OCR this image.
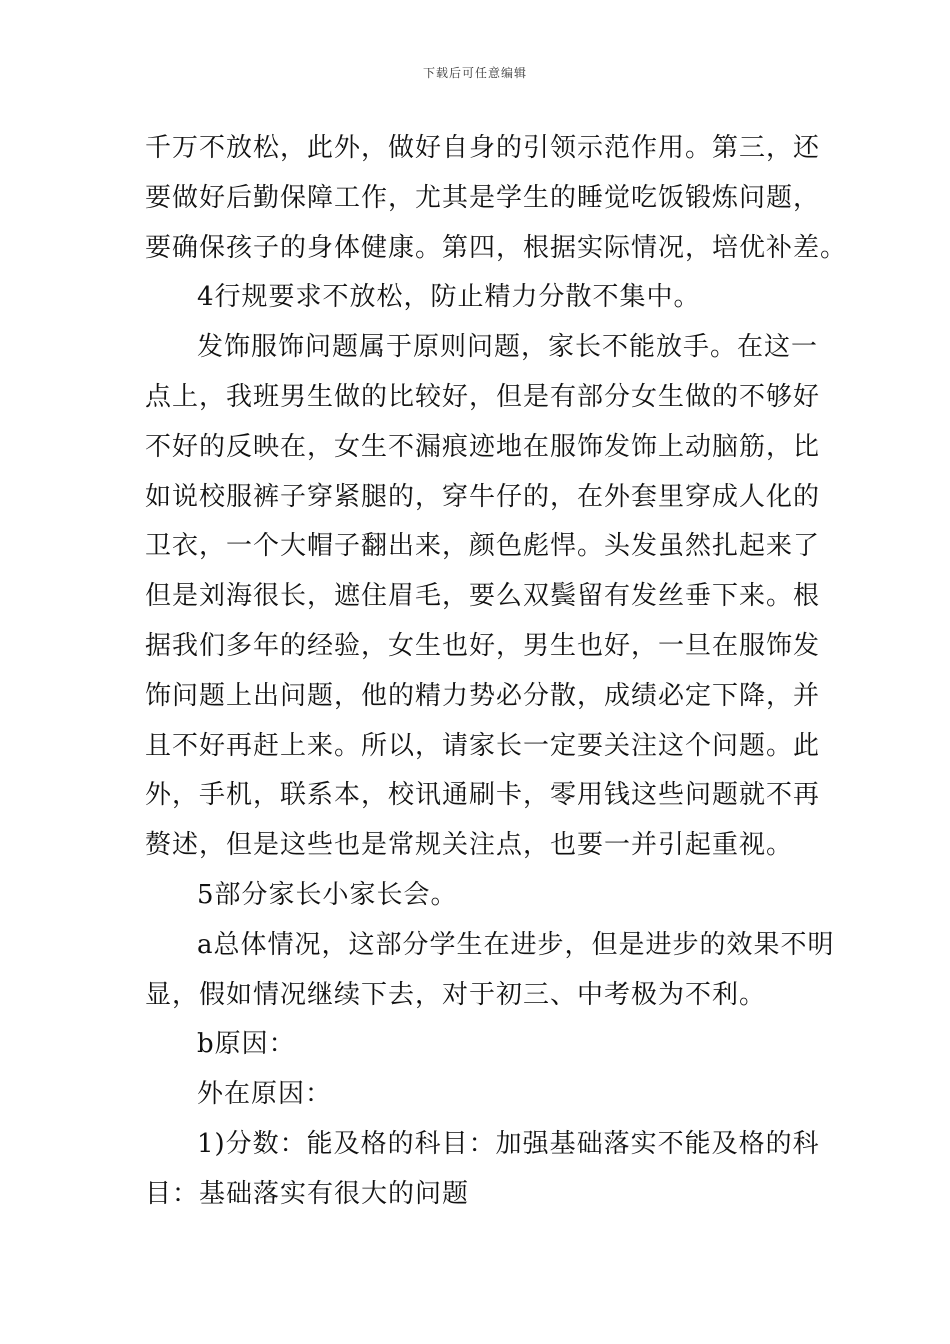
下载后可任意编辑
千万不放松，此外，做好自身的引领示范作用。第三，还
要做好后勤保障工作，尤其是学生的睡觉吃饭锻炼问题，
要确保孩子的身体健康。第四，根据实际情况，培优补差。
4行规要求不放松，防止精力分散不集中。
发饰服饰问题属于原则问题，家长不能放手。在这一
点上，我班男生做的比较好，但是有部分女生做的不够好
不好的反映在，女生不漏痕迹地在服饰发饰上动脑筋，比
如说校服裤子穿紧腿的，穿牛仔的，在外套里穿成人化的
卫衣，一个大帽子翻出来，颜色彪悍。头发虽然扎起来了
但是刘海很长，遮住眉毛，要么双鬓留有发丝垂下来。根
据我们多年的经验，女生也好，男生也好，一旦在服饰发
饰问题上出问题，他的精力势必分散，成绩必定下降，并
且不好再赶上来。所以，请家长一定要关注这个问题。此
外，手机，联系本，校讯通刷卡，零用钱这些问题就不再
赘述，但是这些也是常规关注点，也要一并引起重视。
5部分家长小家长会。
a总体情况，这部分学生在进步，但是进步的效果不明
显，假如情况继续下去，对于初三、中考极为不利。
b原因：
外在原因：
1)分数：能及格的科目：加强基础落实不能及格的科
目：基础落实有很大的问题
